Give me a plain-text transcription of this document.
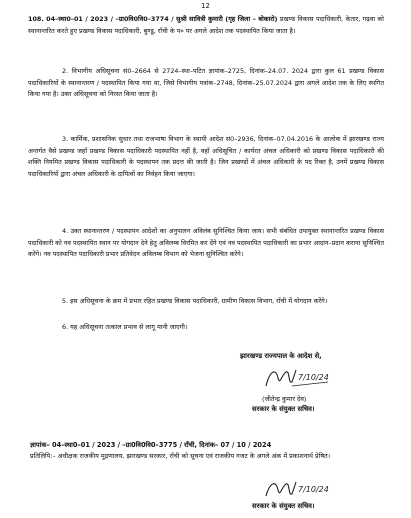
12
108. 04–स्था0–01 / 2023 / –ग्रा0वि0वि0–3774 / सुश्री सावित्री कुमारी (गृह जिला – बोकारो) प्रखण्ड विकास पदाधिकारी, केतार, गढ़वा को स्थानान्तरित करते हुए प्रखण्ड विकास पदाधिकारी, बुण्डू, राँची के प० पर अगले आदेश तक पदस्थापित किया जाता है।
2. विभागीय अधिसूचना सं0–2664 से 2724–स्था–पटित ज्ञापांक–2725, दिनांक–24.07. 2024 द्वारा कुल 61 प्रखण्ड विकास पदाधिकारियों के स्थानान्तरण / पदस्थापित किया गया था, जिसे विभागीय पत्रांक–2748, दिनांक–25.07.2024 द्वारा अगले आदेश तक के लिए स्थगित किया गया है। उक्त अधिसूचना को निरस्त किया जाता है।
3. कार्मिक, प्रशासनिक सुधार तथा राजभाषा विभाग के स्थायी आदेश सं0–2936, दिनांक–07.04.2016 के आलोक में झारखण्ड राज्य अन्तर्गत वैसे प्रखण्ड जहाँ प्रखण्ड विकास पदाधिकारी पदस्थापित नहीं है, वहाँ अधिसूचित / कार्यरत अंचल अधिकारी को प्रखण्ड विकास पदाधिकारी की शक्ति नियमित प्रखण्ड विकास पदाधिकारी के पदस्थापन तक प्रदत्त की जाती है। जिन प्रखण्डों में अंचल अधिकारी के पद रिक्त है, उनमें प्रखण्ड विकास पदाधिकारियों द्वारा अंचल अधिकारी के दायित्वों का निर्वहन किया जाएगा।
4. उक्त स्थानान्तरण / पदस्थापन आदेशों का अनुपालन अविलंब सुनिश्चित किया जाय। सभी संबंधित उपायुक्त स्थानान्तरित प्रखण्ड विकास पदाधिकारी को नव पदस्थापित स्थान पर योगदान देने हेतु अविलम्ब विरमित कर देंगे एवं नव पदस्थापित पदाधिकारी का प्रभार आदान–प्रदान कराना सुनिश्चित करेंगे। नव पदस्थापित पदाधिकारी प्रभार प्रतिवेदन अविलम्ब विभाग को भेजना सुनिश्चित करेंगे।
5. इस अधिसूचना के क्रम में प्रभार रहित प्रखण्ड विकास पदाधिकारी, ग्रामीण विकास विभाग, राँची में योगदान करेंगे।
6. यह अधिसूचना तत्काल प्रभाव से लागू मानी जाएगी।
झारखण्ड राज्यपाल के आदेश से,
7/10/24
(जीतेन्द्र कुमार देव)
सरकार के संयुक्त सचिव।
ज्ञापांक– 04–स्था0–01 / 2023 / –ग्रा0वि0वि0–3775 / राँची, दिनांक– 07 / 10 / 2024
प्रतिलिपि:– अधीक्षक राजकीय मुद्रणालय, झारखण्ड सरकार, राँची को सूचना एवं राजकीय गजट के अगले अंक में प्रकाशनार्थ प्रेषित।
7/10/24
सरकार के संयुक्त सचिव।
